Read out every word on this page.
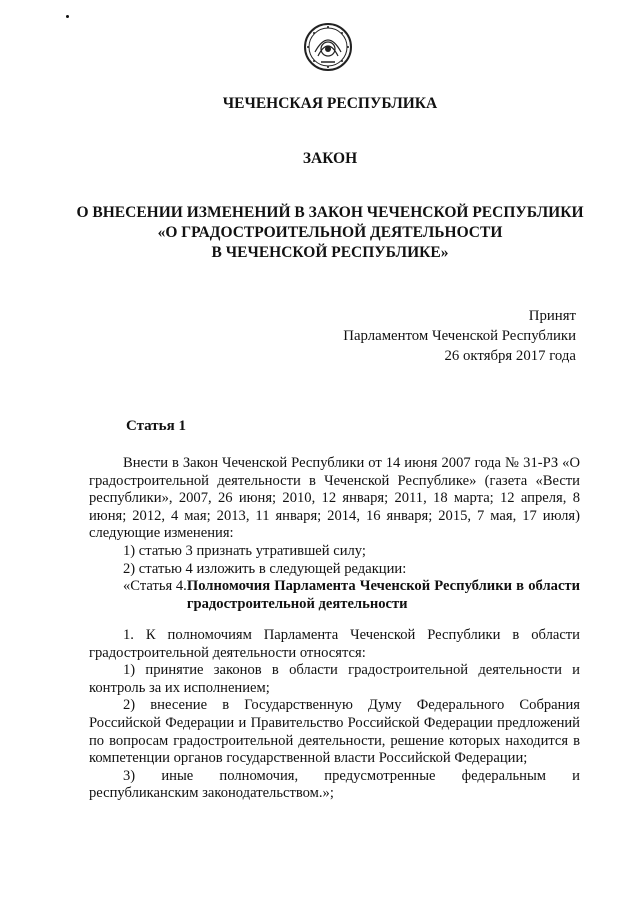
ЧЕЧЕНСКАЯ РЕСПУБЛИКА
ЗАКОН
О ВНЕСЕНИИ ИЗМЕНЕНИЙ В ЗАКОН ЧЕЧЕНСКОЙ РЕСПУБЛИКИ
«О ГРАДОСТРОИТЕЛЬНОЙ ДЕЯТЕЛЬНОСТИ
В ЧЕЧЕНСКОЙ РЕСПУБЛИКЕ»
Принят
Парламентом Чеченской Республики
26 октября 2017 года
Статья 1

Внести в Закон Чеченской Республики от 14 июня 2007 года № 31-РЗ «О градостроительной деятельности в Чеченской Республике» (газета «Вести республики», 2007, 26 июня; 2010, 12 января; 2011, 18 марта; 12 апреля, 8 июня; 2012, 4 мая; 2013, 11 января; 2014, 16 января; 2015, 7 мая, 17 июля) следующие изменения:

1) статью 3 признать утратившей силу;

2) статью 4 изложить в следующей редакции:

«Статья 4. Полномочия Парламента Чеченской Республики в области градостроительной деятельности

1. К полномочиям Парламента Чеченской Республики в области градостроительной деятельности относятся:

1) принятие законов в области градостроительной деятельности и контроль за их исполнением;

2) внесение в Государственную Думу Федерального Собрания Российской Федерации и Правительство Российской Федерации предложений по вопросам градостроительной деятельности, решение которых находится в компетенции органов государственной власти Российской Федерации;

3) иные полномочия, предусмотренные федеральным и республиканским законодательством.»;
